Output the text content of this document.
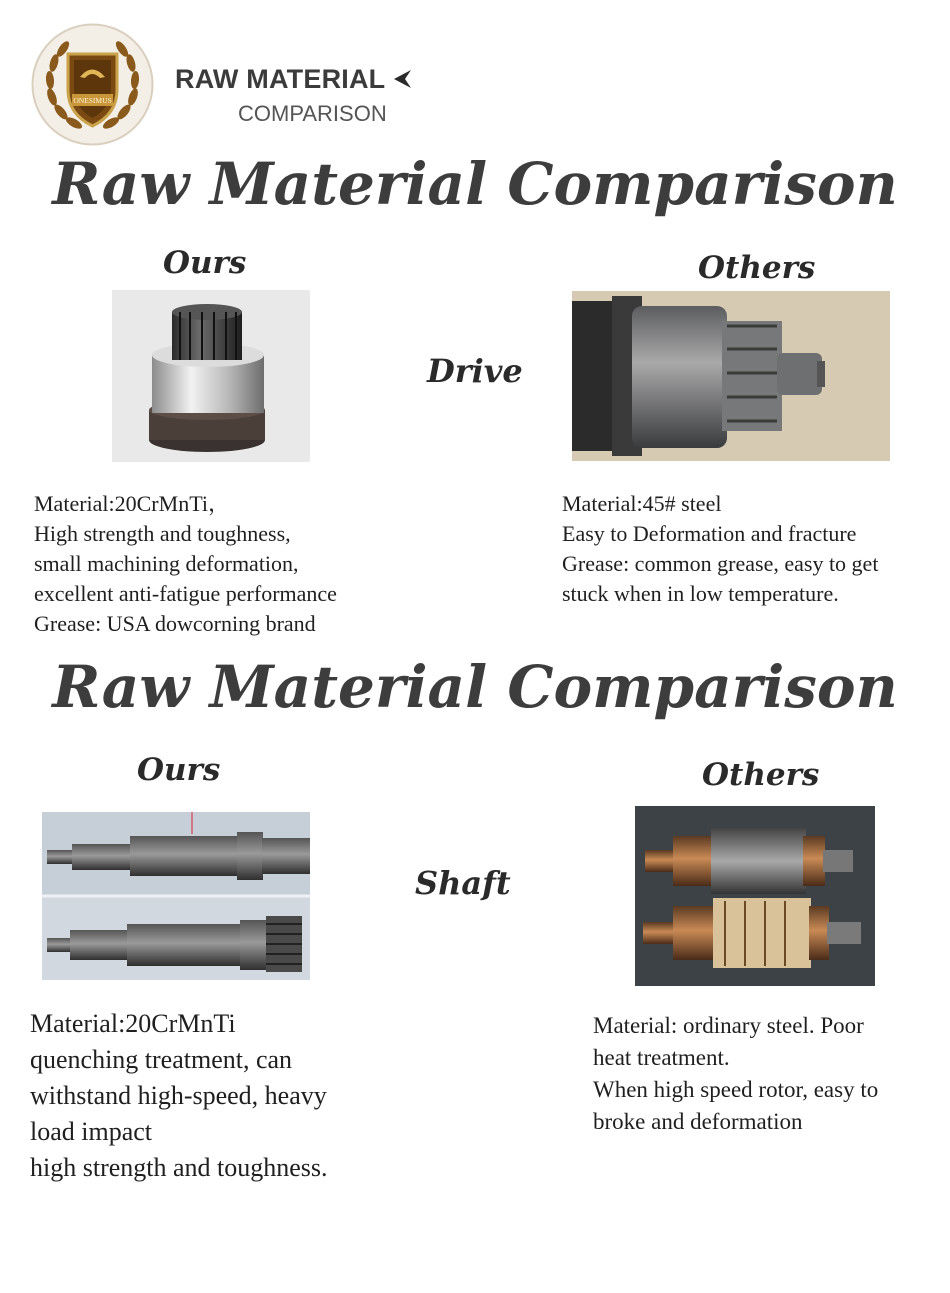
ONESIMUS
RAW MATERIAL
COMPARISON
Raw Material Comparison
Ours	Others
Drive
Material:20CrMnTi，
High strength and toughness,
small machining deformation,
excellent anti-fatigue performance
Grease: USA dowcorning brand
Material:45# steel
Easy to Deformation and fracture
Grease: common grease, easy to get
stuck when in low temperature.
Raw Material Comparison
Ours	Others
Shaft
Material:20CrMnTi
quenching treatment, can
withstand high-speed, heavy
load impact
high strength and toughness.
Material: ordinary steel. Poor
heat treatment.
When high speed rotor, easy to
broke and deformation
